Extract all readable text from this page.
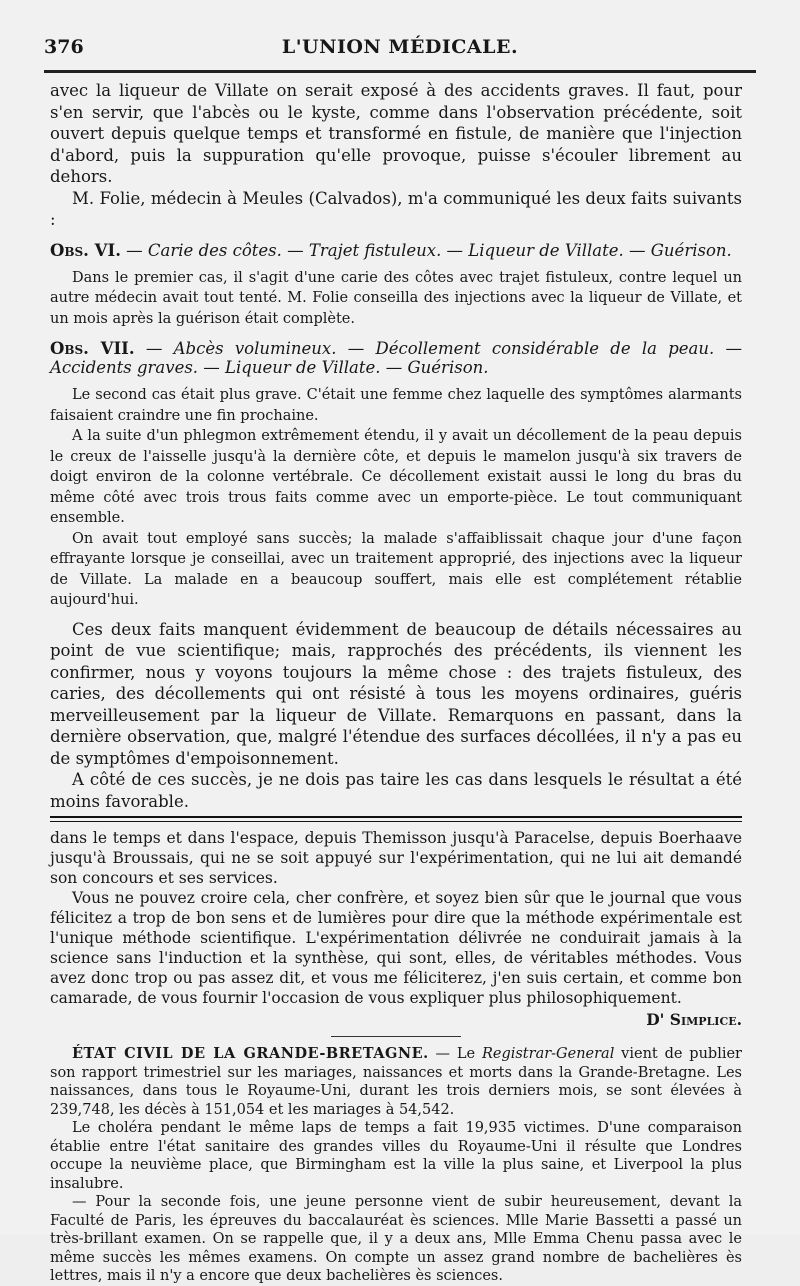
L'UNION MÉDICALE.
376

avec la liqueur de Villate on serait exposé à des accidents graves. Il faut, pour s'en servir, que l'abcès ou le kyste, comme dans l'observation précédente, soit ouvert depuis quelque temps et transformé en fistule, de manière que l'injection d'abord, puis la suppuration qu'elle provoque, puisse s'écouler librement au dehors.

M. Folie, médecin à Meules (Calvados), m'a communiqué les deux faits suivants :

Obs. VI. — Carie des côtes. — Trajet fistuleux. — Liqueur de Villate. — Guérison.

Dans le premier cas, il s'agit d'une carie des côtes avec trajet fistuleux, contre lequel un autre médecin avait tout tenté. M. Folie conseilla des injections avec la liqueur de Villate, et un mois après la guérison était complète.

Obs. VII. — Abcès volumineux. — Décollement considérable de la peau. — Accidents graves. — Liqueur de Villate. — Guérison.

Le second cas était plus grave. C'était une femme chez laquelle des symptômes alarmants faisaient craindre une fin prochaine.

A la suite d'un phlegmon extrêmement étendu, il y avait un décollement de la peau depuis le creux de l'aisselle jusqu'à la dernière côte, et depuis le mamelon jusqu'à six travers de doigt environ de la colonne vertébrale. Ce décollement existait aussi le long du bras du même côté avec trois trous faits comme avec un emporte-pièce. Le tout communiquant ensemble.

On avait tout employé sans succès; la malade s'affaiblissait chaque jour d'une façon effrayante lorsque je conseillai, avec un traitement approprié, des injections avec la liqueur de Villate. La malade en a beaucoup souffert, mais elle est complétement rétablie aujourd'hui.

Ces deux faits manquent évidemment de beaucoup de détails nécessaires au point de vue scientifique; mais, rapprochés des précédents, ils viennent les confirmer, nous y voyons toujours la même chose : des trajets fistuleux, des caries, des décollements qui ont résisté à tous les moyens ordinaires, guéris merveilleusement par la liqueur de Villate. Remarquons en passant, dans la dernière observation, que, malgré l'étendue des surfaces décollées, il n'y a pas eu de symptômes d'empoisonnement.

A côté de ces succès, je ne dois pas taire les cas dans lesquels le résultat a été moins favorable.

dans le temps et dans l'espace, depuis Themisson jusqu'à Paracelse, depuis Boerhaave jusqu'à Broussais, qui ne se soit appuyé sur l'expérimentation, qui ne lui ait demandé son concours et ses services.

Vous ne pouvez croire cela, cher confrère, et soyez bien sûr que le journal que vous félicitez a trop de bon sens et de lumières pour dire que la méthode expérimentale est l'unique méthode scientifique. L'expérimentation délivrée ne conduirait jamais à la science sans l'induction et la synthèse, qui sont, elles, de véritables méthodes. Vous avez donc trop ou pas assez dit, et vous me féliciterez, j'en suis certain, et comme bon camarade, de vous fournir l'occasion de vous expliquer plus philosophiquement.

D' Simplice.

ÉTAT CIVIL DE LA GRANDE-BRETAGNE. — Le Registrar-General vient de publier son rapport trimestriel sur les mariages, naissances et morts dans la Grande-Bretagne. Les naissances, dans tous le Royaume-Uni, durant les trois derniers mois, se sont élevées à 239,748, les décès à 151,054 et les mariages à 54,542.

Le choléra pendant le même laps de temps a fait 19,935 victimes. D'une comparaison établie entre l'état sanitaire des grandes villes du Royaume-Uni il résulte que Londres occupe la neuvième place, que Birmingham est la ville la plus saine, et Liverpool la plus insalubre.

— Pour la seconde fois, une jeune personne vient de subir heureusement, devant la Faculté de Paris, les épreuves du baccalauréat ès sciences. Mlle Marie Bassetti a passé un très-brillant examen. On se rappelle que, il y a deux ans, Mlle Emma Chenu passa avec le même succès les mêmes examens. On compte un assez grand nombre de bachelières ès lettres, mais il n'y a encore que deux bachelières ès sciences.
